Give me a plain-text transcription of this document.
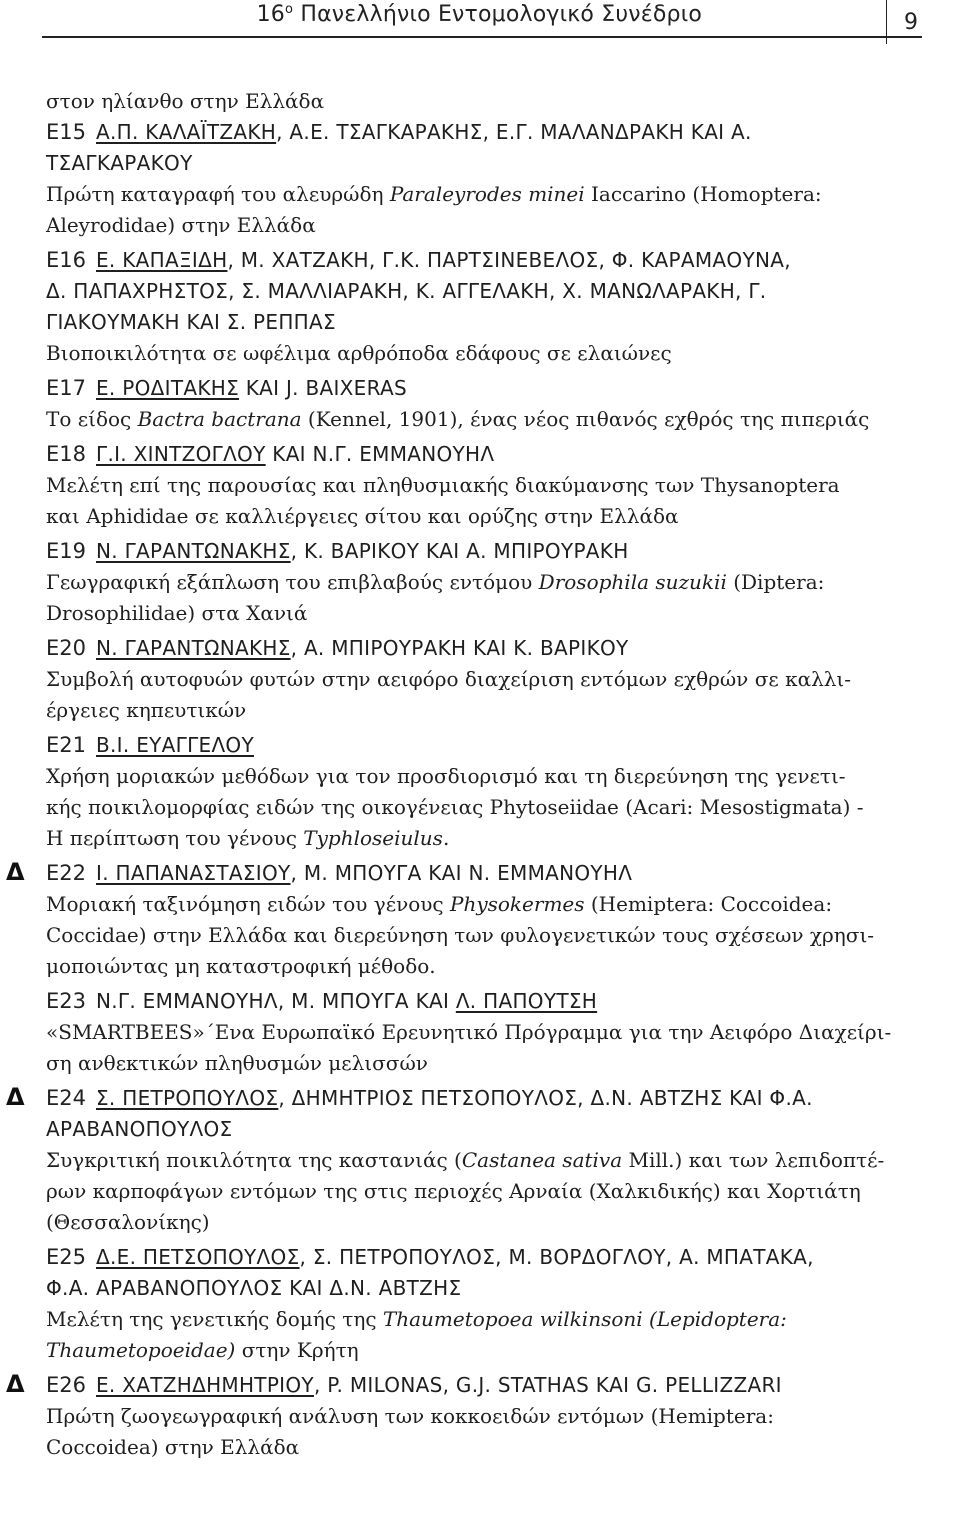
$16^o$ Πανελλήνιο Εντομολογικό Συνέδριο	9
στον ηλίανθο στην Ελλάδα
Ε15 Α.Π. ΚΑΛΑΪΤΖΑΚΗ, Α.Ε. ΤΣΑΓΚΑΡΑΚΗΣ, Ε.Γ. ΜΑΛΑΝΔΡΑΚΗ ΚΑΙ Α.
ΤΣΑΓΚΑΡΑΚΟΥ
Πρώτη καταγραφή του αλευρώδη Paraleyrodes minei Iaccarino (Homoptera:
Aleyrodidae) στην Ελλάδα
Ε16 Ε. ΚΑΠΑΞΙΔΗ, Μ. ΧΑΤΖΑΚΗ, Γ.Κ. ΠΑΡΤΣΙΝΕΒΕΛΟΣ, Φ. ΚΑΡΑΜΑΟΥΝΑ,
Δ. ΠΑΠΑΧΡΗΣΤΟΣ, Σ. ΜΑΛΛΙΑΡΑΚΗ, Κ. ΑΓΓΕΛΑΚΗ, Χ. ΜΑΝΩΛΑΡΑΚΗ, Γ.
ΓΙΑΚΟΥΜΑΚΗ ΚΑΙ Σ. ΡΕΠΠΑΣ
Βιοποικιλότητα σε ωφέλιμα αρθρόποδα εδάφους σε ελαιώνες
Ε17 Ε. ΡΟΔΙΤΑΚΗΣ ΚΑΙ J. BAIXERAS
Το είδος Bactra bactrana (Kennel, 1901), ένας νέος πιθανός εχθρός της πιπεριάς
Ε18 Γ.Ι. ΧΙΝΤΖΟΓΛΟΥ ΚΑΙ Ν.Γ. ΕΜΜΑΝΟΥΗΛ
Μελέτη επί της παρουσίας και πληθυσμιακής διακύμανσης των Thysanoptera
και Aphididae σε καλλιέργειες σίτου και ορύζης στην Ελλάδα
Ε19 Ν. ΓΑΡΑΝΤΩΝΑΚΗΣ, Κ. ΒΑΡΙΚΟΥ ΚΑΙ Α. ΜΠΙΡΟΥΡΑΚΗ
Γεωγραφική εξάπλωση του επιβλαβούς εντόμου Drosophila suzukii (Diptera:
Drosophilidae) στα Χανιά
Ε20 Ν. ΓΑΡΑΝΤΩΝΑΚΗΣ, Α. ΜΠΙΡΟΥΡΑΚΗ ΚΑΙ Κ. ΒΑΡΙΚΟΥ
Συμβολή αυτοφυών φυτών στην αειφόρο διαχείριση εντόμων εχθρών σε καλλι-
έργειες κηπευτικών
Ε21 Β.Ι. ΕΥΑΓΓΕΛΟΥ
Χρήση μοριακών μεθόδων για τον προσδιορισμό και τη διερεύνηση της γενετι-
κής ποικιλομορφίας ειδών της οικογένειας Phytoseiidae (Acari: Mesostigmata) -
Η περίπτωση του γένους Typhloseiulus.
Δ Ε22 Ι. ΠΑΠΑΝΑΣΤΑΣΙΟΥ, Μ. ΜΠΟΥΓΑ ΚΑΙ Ν. ΕΜΜΑΝΟΥΗΛ
Μοριακή ταξινόμηση ειδών του γένους Physokermes (Hemiptera: Coccoidea:
Coccidae) στην Ελλάδα και διερεύνηση των φυλογενετικών τους σχέσεων χρησι-
μοποιώντας μη καταστροφική μέθοδο.
Ε23 Ν.Γ. ΕΜΜΑΝΟΥΗΛ, Μ. ΜΠΟΥΓΑ ΚΑΙ Λ. ΠΑΠΟΥΤΣΗ
«SMARTBEES»΄Ενα Ευρωπαϊκό Ερευνητικό Πρόγραμμα για την Αειφόρο Διαχείρι-
ση ανθεκτικών πληθυσμών μελισσών
Δ Ε24 Σ. ΠΕΤΡΟΠΟΥΛΟΣ, ΔΗΜΗΤΡΙΟΣ ΠΕΤΣΟΠΟΥΛΟΣ, Δ.Ν. ΑΒΤΖΗΣ ΚΑΙ Φ.Α.
ΑΡΑΒΑΝΟΠΟΥΛΟΣ
Συγκριτική ποικιλότητα της καστανιάς (Castanea sativa Mill.) και των λεπιδοπτέ-
ρων καρποφάγων εντόμων της στις περιοχές Αρναία (Χαλκιδικής) και Χορτιάτη
(Θεσσαλονίκης)
Ε25 Δ.Ε. ΠΕΤΣΟΠΟΥΛΟΣ, Σ. ΠΕΤΡΟΠΟΥΛΟΣ, Μ. ΒΟΡΔΟΓΛΟΥ, Α. ΜΠΑΤΑΚΑ,
Φ.Α. ΑΡΑΒΑΝΟΠΟΥΛΟΣ ΚΑΙ Δ.Ν. ΑΒΤΖΗΣ
Μελέτη της γενετικής δομής της Thaumetopoea wilkinsoni (Lepidoptera:
Thaumetopoeidae) στην Κρήτη
Δ Ε26 Ε. ΧΑΤΖΗΔΗΜΗΤΡΙΟΥ, P. MILONAS, G.J. STATHAS ΚΑΙ G. PELLIZZARI
Πρώτη ζωογεωγραφική ανάλυση των κοκκοειδών εντόμων (Hemiptera:
Coccoidea) στην Ελλάδα
